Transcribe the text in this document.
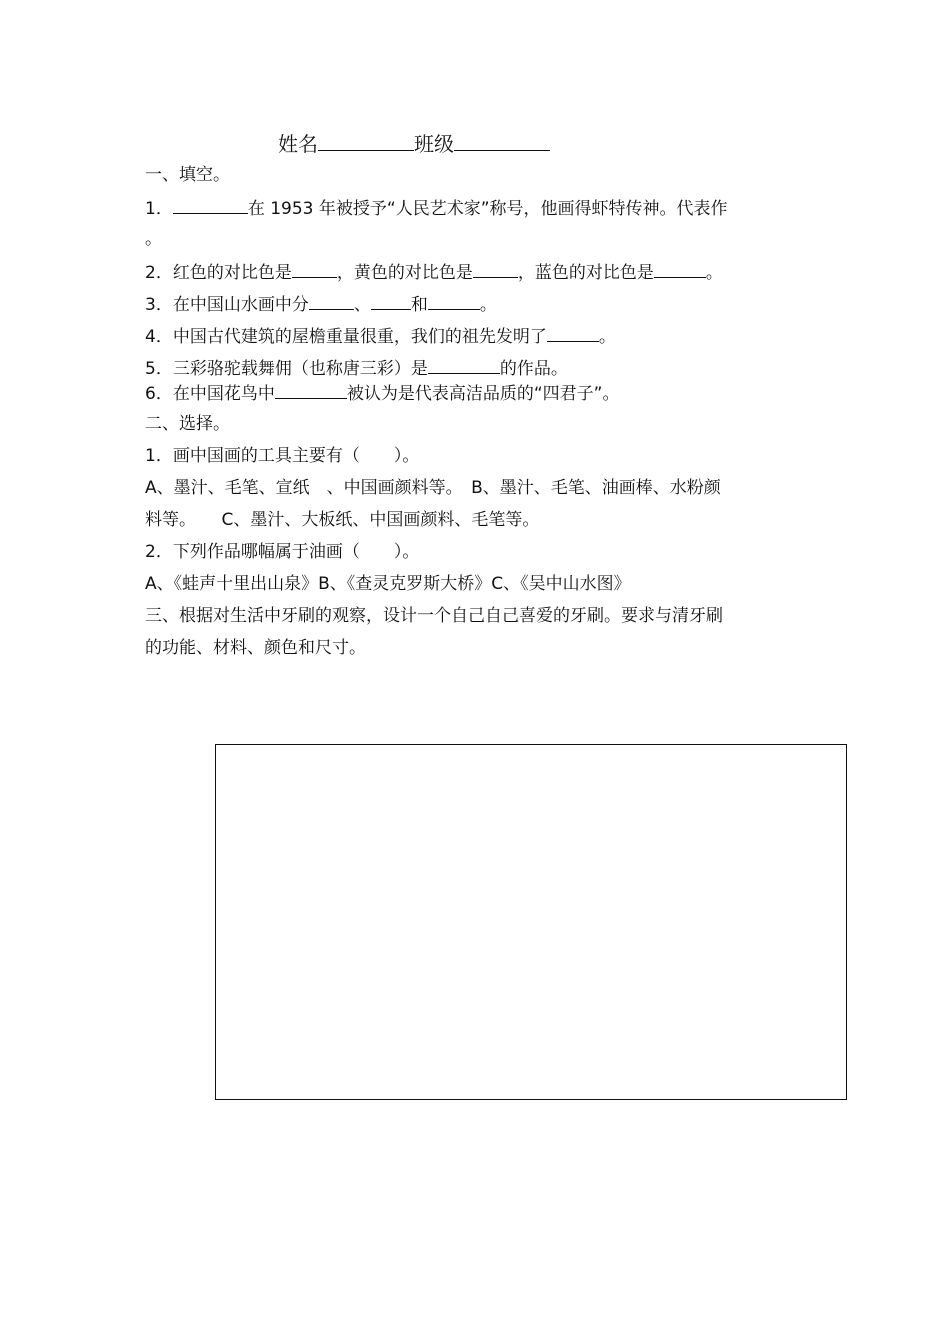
姓名	班级
一、填空。
1．	在 1953 年被授予“人民艺术家”称号，他画得虾特传神。代表作
。
2．红色的对比色是	，黄色的对比色是	，蓝色的对比色是	。
3．在中国山水画中分	、 和	。
4．中国古代建筑的屋檐重量很重，我们的祖先发明了	。
5．三彩骆驼载舞佣（也称唐三彩）是	的作品。
6．在中国花鸟中	被认为是代表高洁品质的“四君子”。
二、选择。
1．画中国画的工具主要有（　　）。
A、墨汁、毛笔、宣纸　、中国画颜料等。　B、墨汁、毛笔、油画棒、水粉颜
料等。　　C、墨汁、大板纸、中国画颜料、毛笔等。
2．下列作品哪幅属于油画（　　）。
A、《蛙声十里出山泉》B、《查灵克罗斯大桥》C、《吴中山水图》
三、根据对生活中牙刷的观察，设计一个自己自己喜爱的牙刷。要求与清牙刷
的功能、材料、颜色和尺寸。
